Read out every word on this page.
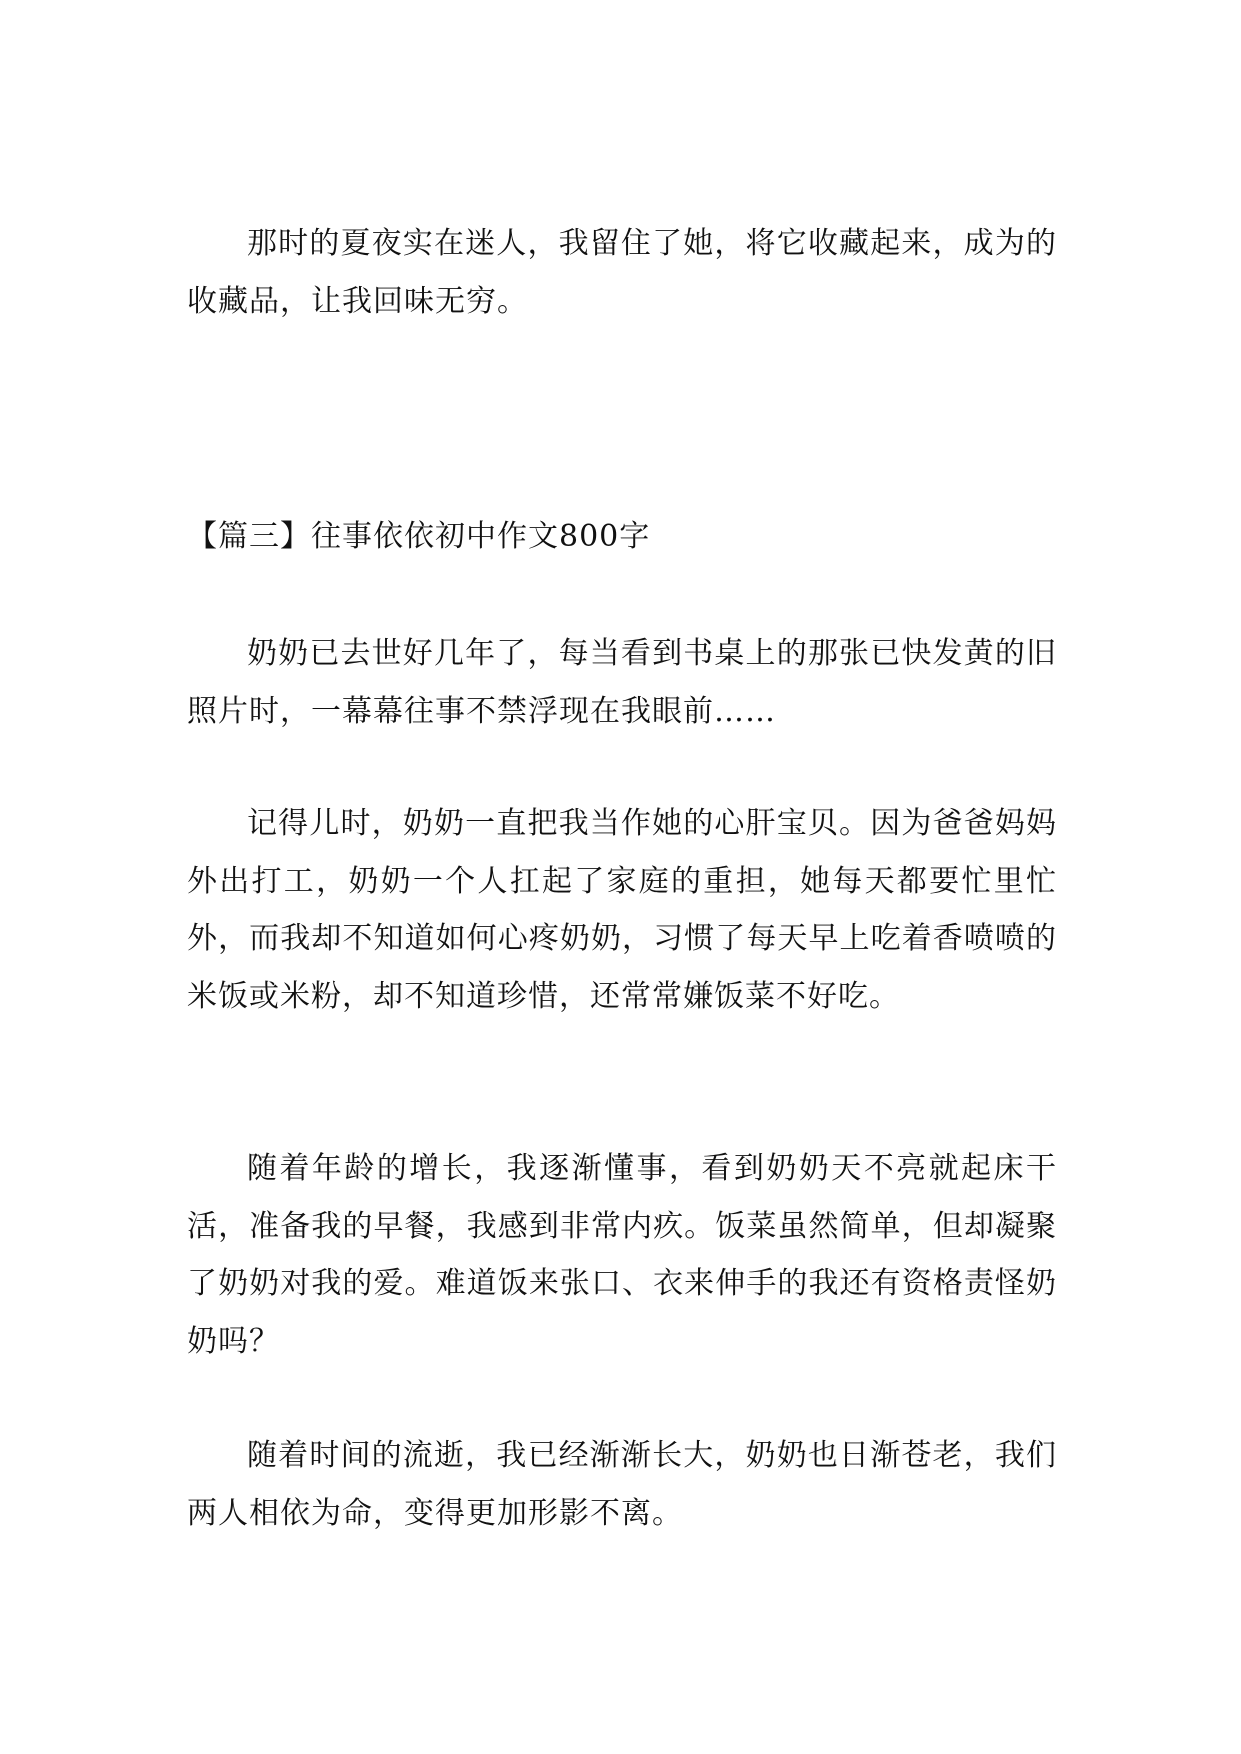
那时的夏夜实在迷人，我留住了她，将它收藏起来，成为的收藏品，让我回味无穷。

【篇三】往事依依初中作文800字

奶奶已去世好几年了，每当看到书桌上的那张已快发黄的旧照片时，一幕幕往事不禁浮现在我眼前……

记得儿时，奶奶一直把我当作她的心肝宝贝。因为爸爸妈妈外出打工，奶奶一个人扛起了家庭的重担，她每天都要忙里忙外，而我却不知道如何心疼奶奶，习惯了每天早上吃着香喷喷的米饭或米粉，却不知道珍惜，还常常嫌饭菜不好吃。

随着年龄的增长，我逐渐懂事，看到奶奶天不亮就起床干活，准备我的早餐，我感到非常内疚。饭菜虽然简单，但却凝聚了奶奶对我的爱。难道饭来张口、衣来伸手的我还有资格责怪奶奶吗？

随着时间的流逝，我已经渐渐长大，奶奶也日渐苍老，我们两人相依为命，变得更加形影不离。
